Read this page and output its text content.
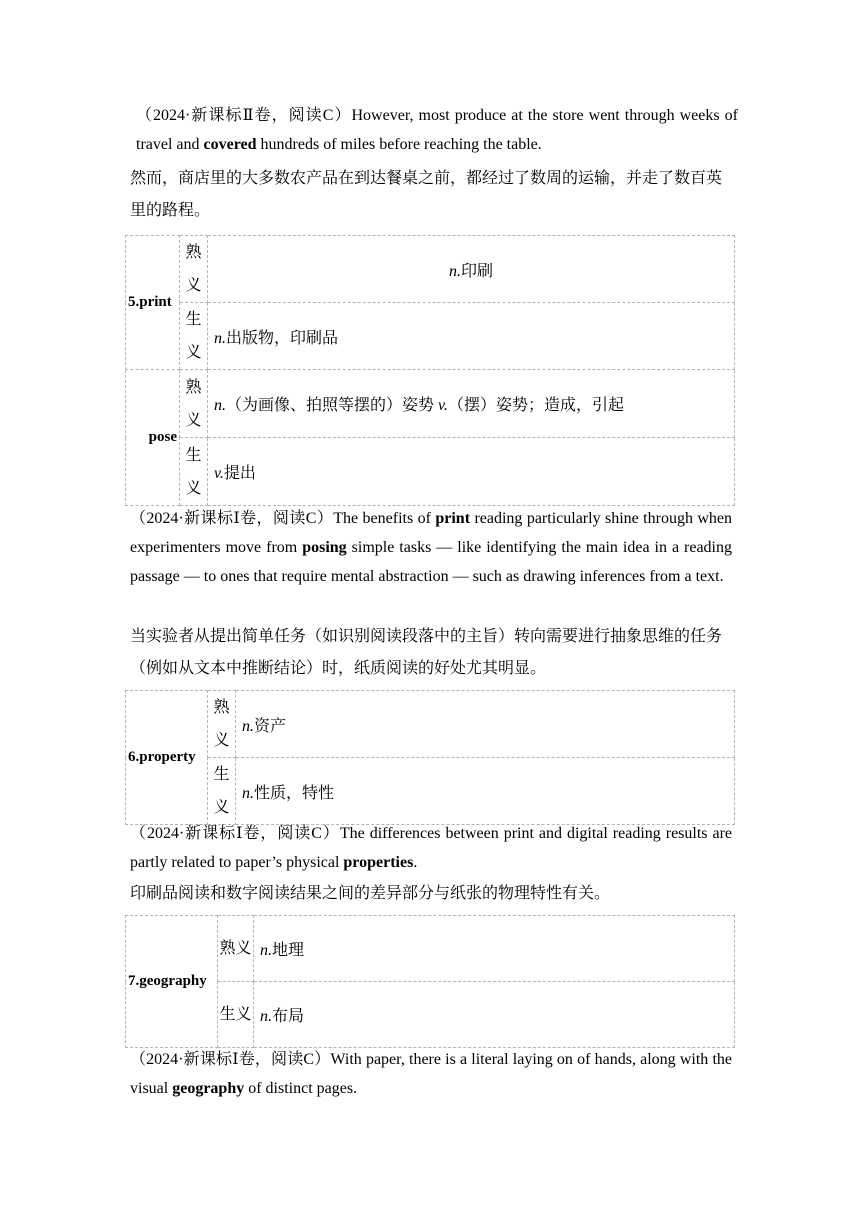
（2024·新课标Ⅱ卷，阅读C）However, most produce at the store went through weeks of travel and covered hundreds of miles before reaching the table.
然而，商店里的大多数农产品在到达餐桌之前，都经过了数周的运输，并走了数百英里的路程。
5.print	熟义	n.印刷
	生义	n.出版物，印刷品
pose	熟义	n.（为画像、拍照等摆的）姿势 v.（摆）姿势；造成，引起
	生义	v.提出
（2024·新课标Ⅰ卷，阅读C）The benefits of print reading particularly shine through when experimenters move from posing simple tasks — like identifying the main idea in a reading passage — to ones that require mental abstraction — such as drawing inferences from a text.
当实验者从提出简单任务（如识别阅读段落中的主旨）转向需要进行抽象思维的任务（例如从文本中推断结论）时，纸质阅读的好处尤其明显。
6.property	熟义	n.资产
	生义	n.性质，特性
（2024·新课标Ⅰ卷，阅读C）The differences between print and digital reading results are partly related to paper’s physical properties.
印刷品阅读和数字阅读结果之间的差异部分与纸张的物理特性有关。
7.geography	熟义	n.地理
	生义	n.布局
（2024·新课标Ⅰ卷，阅读C）With paper, there is a literal laying on of hands, along with the visual geography of distinct pages.
